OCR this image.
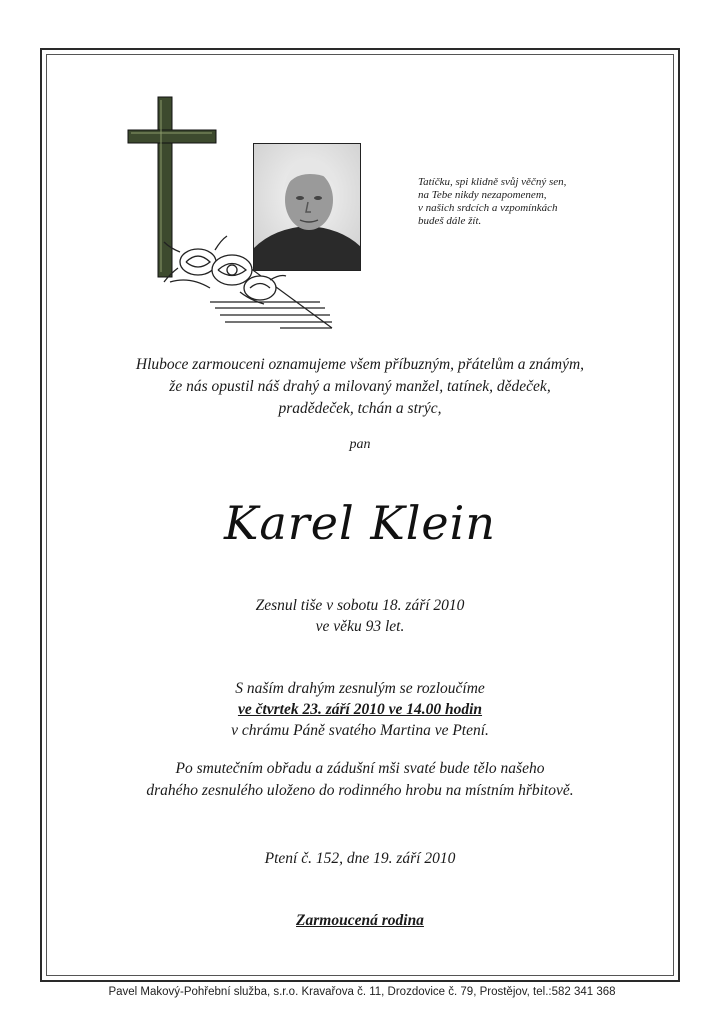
Tatíčku, spi klidně svůj věčný sen,
na Tebe nikdy nezapomenem,
v našich srdcích a vzpomínkách
budeš dále žít.
Hluboce zarmouceni oznamujeme všem příbuzným, přátelům a známým,
že nás opustil náš drahý a milovaný manžel, tatínek, dědeček,
pradědeček, tchán a strýc,
pan
Karel Klein
Zesnul tiše v sobotu 18. září 2010
ve věku 93 let.
S naším drahým zesnulým se rozloučíme
ve čtvrtek 23. září 2010 ve 14.00 hodin
v chrámu Páně svatého Martina ve Ptení.
Po smutečním obřadu a zádušní mši svaté bude tělo našeho
drahého zesnulého uloženo do rodinného hrobu na místním hřbitově.
Ptení č. 152, dne 19. září 2010
Zarmoucená rodina
Pavel Makový-Pohřební služba, s.r.o. Kravařova č. 11, Drozdovice č. 79, Prostějov, tel.:582 341 368
